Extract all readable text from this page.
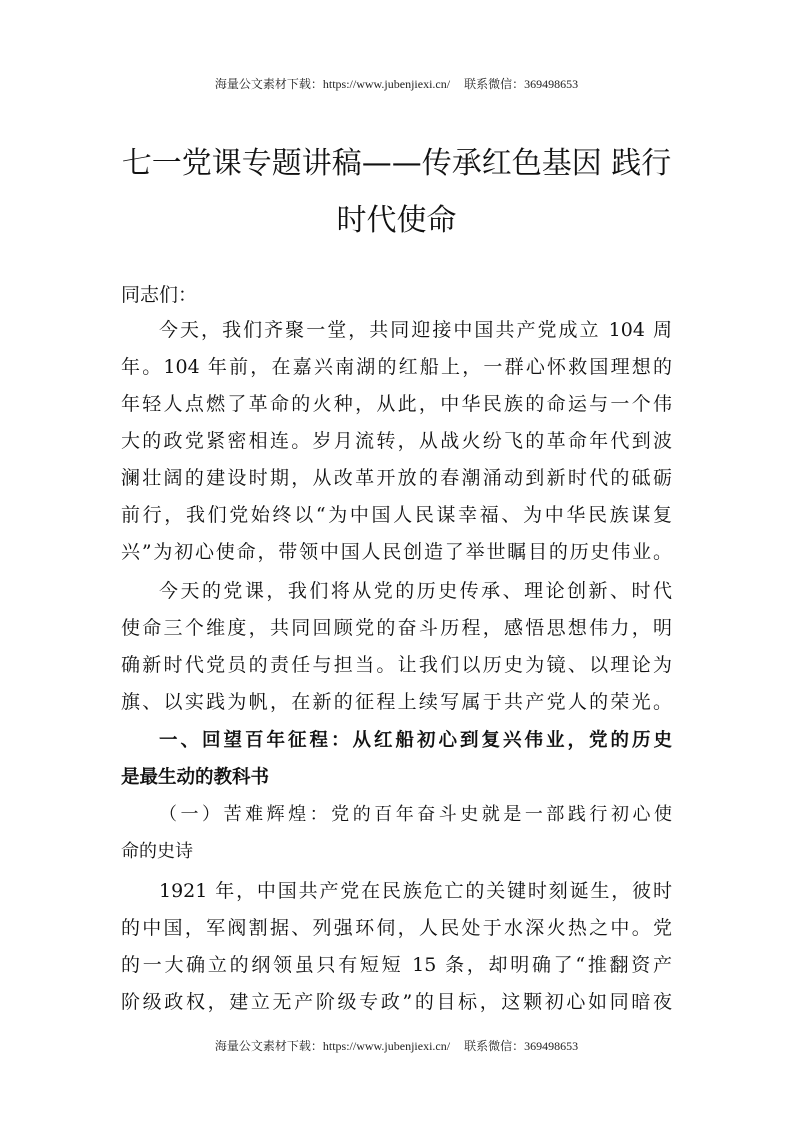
海量公文素材下载：https://www.jubenjiexi.cn/ 联系微信：369498653
七一党课专题讲稿——传承红色基因 践行
时代使命
同志们：
今天，我们齐聚一堂，共同迎接中国共产党成立 104 周
年。104 年前，在嘉兴南湖的红船上，一群心怀救国理想的
年轻人点燃了革命的火种，从此，中华民族的命运与一个伟
大的政党紧密相连。岁月流转，从战火纷飞的革命年代到波
澜壮阔的建设时期，从改革开放的春潮涌动到新时代的砥砺
前行，我们党始终以“为中国人民谋幸福、为中华民族谋复
兴”为初心使命，带领中国人民创造了举世瞩目的历史伟业。
今天的党课，我们将从党的历史传承、理论创新、时代
使命三个维度，共同回顾党的奋斗历程，感悟思想伟力，明
确新时代党员的责任与担当。让我们以历史为镜、以理论为
旗、以实践为帆，在新的征程上续写属于共产党人的荣光。
一、回望百年征程：从红船初心到复兴伟业，党的历史
是最生动的教科书
（一）苦难辉煌：党的百年奋斗史就是一部践行初心使
命的史诗
1921 年，中国共产党在民族危亡的关键时刻诞生，彼时
的中国，军阀割据、列强环伺，人民处于水深火热之中。党
的一大确立的纲领虽只有短短 15 条，却明确了“推翻资产
阶级政权，建立无产阶级专政”的目标，这颗初心如同暗夜
海量公文素材下载：https://www.jubenjiexi.cn/ 联系微信：369498653
